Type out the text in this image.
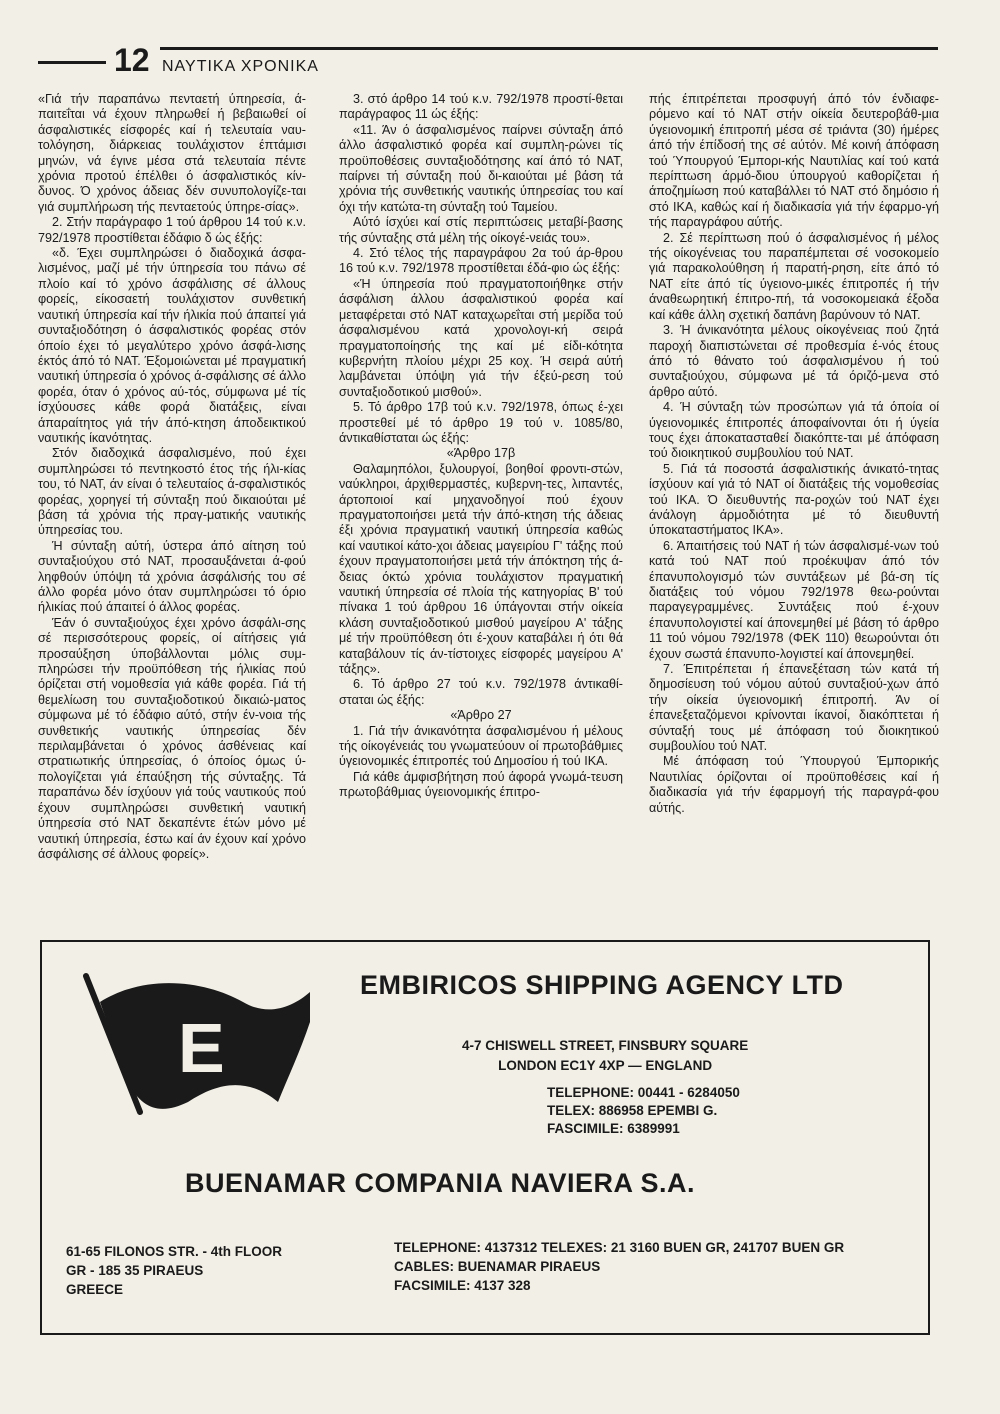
12 ΝΑΥΤΙΚΑ ΧΡΟΝΙΚΑ

«Γιά τήν παραπάνω πενταετή ύπηρεσία, ά-παιτεΐται νά έχουν πληρωθεί ή βεβαιωθεί οί άσφαλιστικές είσφορές καί ή τελευταία ναυ-τολόγηση, διάρκειας τουλάχιστον έπτάμισι μηνών, νά έγινε μέσα στά τελευταία πέντε χρόνια προτού έπέλθει ό άσφαλιστικός κίν-δυνος. Ό χρόνος άδειας δέν συνυπολογίζε-ται γιά συμπλήρωση τής πενταετούς ύπηρε-σίας».

2. Στήν παράγραφο 1 τού άρθρου 14 τού κ.ν. 792/1978 προστίθεται έδάφιο δ ώς έξής:

«δ. Έχει συμπληρώσει ό διαδοχικά άσφα-λισμένος, μαζί μέ τήν ύπηρεσία του πάνω σέ πλοίο καί τό χρόνο άσφάλισης σέ άλλους φορείς, είκοσαετή τουλάχιστον συνθετική ναυτική ύπηρεσία καί τήν ήλικία πού άπαιτεί γιά συνταξιοδότηση ό άσφαλιστικός φορέας στόν όποίο έχει τό μεγαλύτερο χρόνο άσφά-λισης έκτός άπό τό ΝΑΤ. Έξομοιώνεται μέ πραγματική ναυτική ύπηρεσία ό χρόνος ά-σφάλισης σέ άλλο φορέα, όταν ό χρόνος αύ-τός, σύμφωνα μέ τίς ίσχύουσες κάθε φορά διατάξεις, είναι άπαραίτητος γιά τήν άπό-κτηση άποδεικτικού ναυτικής ίκανότητας.

Στόν διαδοχικά άσφαλισμένο, πού έχει συμπληρώσει τό πεντηκοστό έτος τής ήλι-κίας του, τό ΝΑΤ, άν είναι ό τελευταίος ά-σφαλιστικός φορέας, χορηγεί τή σύνταξη πού δικαιούται μέ βάση τά χρόνια τής πραγ-ματικής ναυτικής ύπηρεσίας του.

Ή σύνταξη αύτή, ύστερα άπό αίτηση τού συνταξιούχου στό ΝΑΤ, προσαυξάνεται ά-φού ληφθούν ύπόψη τά χρόνια άσφάλισής του σέ άλλο φορέα μόνο όταν συμπληρώσει τό όριο ήλικίας πού άπαιτεί ό άλλος φορέας.

Έάν ό συνταξιούχος έχει χρόνο άσφάλι-σης σέ περισσότερους φορείς, οί αίτήσεις γιά προσαύξηση ύποβάλλονται μόλις συμ-πληρώσει τήν προϋπόθεση τής ήλικίας πού όρίζεται στή νομοθεσία γιά κάθε φορέα. Γιά τή θεμελίωση του συνταξιοδοτικού δικαιώ-ματος σύμφωνα μέ τό έδάφιο αύτό, στήν έν-νοια τής συνθετικής ναυτικής ύπηρεσίας δέν περιλαμβάνεται ό χρόνος άσθένειας καί στρατιωτικής ύπηρεσίας, ό όποίος όμως ύ-πολογίζεται γιά έπαύξηση τής σύνταξης. Τά παραπάνω δέν ίσχύουν γιά τούς ναυτικούς πού έχουν συμπληρώσει συνθετική ναυτική ύπηρεσία στό ΝΑΤ δεκαπέντε έτών μόνο μέ ναυτική ύπηρεσία, έστω καί άν έχουν καί χρόνο άσφάλισης σέ άλλους φορείς».

3. στό άρθρο 14 τού κ.ν. 792/1978 προστί-θεται παράγραφος 11 ώς έξής:

«11. Άν ό άσφαλισμένος παίρνει σύνταξη άπό άλλο άσφαλιστικό φορέα καί συμπλη-ρώνει τίς προϋποθέσεις συνταξιοδότησης καί άπό τό ΝΑΤ, παίρνει τή σύνταξη πού δι-καιούται μέ βάση τά χρόνια τής συνθετικής ναυτικής ύπηρεσίας του καί όχι τήν κατώτα-τη σύνταξη τού Ταμείου.

Αύτό ίσχύει καί στίς περιπτώσεις μεταβί-βασης τής σύνταξης στά μέλη τής οίκογέ-νειάς του».

4. Στό τέλος τής παραγράφου 2α τού άρ-θρου 16 τού κ.ν. 792/1978 προστίθεται έδά-φιο ώς έξής:

«Ή ύπηρεσία πού πραγματοποιήθηκε στήν άσφάλιση άλλου άσφαλιστικού φορέα καί μεταφέρεται στό ΝΑΤ καταχωρεΐται στή μερίδα τού άσφαλισμένου κατά χρονολογι-κή σειρά πραγματοποίησής της καί μέ είδι-κότητα κυβερνήτη πλοίου μέχρι 25 κοχ. Ή σειρά αύτή λαμβάνεται ύπόψη γιά τήν έξεύ-ρεση τού συνταξιοδοτικού μισθού».

5. Τό άρθρο 17β τού κ.ν. 792/1978, όπως έ-χει προστεθεί μέ τό άρθρο 19 τού ν. 1085/80, άντικαθίσταται ώς έξής:

«Άρθρο 17β

Θαλαμηπόλοι, ξυλουργοί, βοηθοί φροντι-στών, ναύκληροι, άρχιθερμαστές, κυβερνη-τες, λιπαντές, άρτοποιοί καί μηχανοδηγοί πού έχουν πραγματοποιήσει μετά τήν άπό-κτηση τής άδειας έξι χρόνια πραγματική ναυτική ύπηρεσία καθώς καί ναυτικοί κάτο-χοι άδειας μαγειρίου Γ' τάξης πού έχουν πραγματοποιήσει μετά τήν άπόκτηση τής ά-δειας όκτώ χρόνια τουλάχιστον πραγματική ναυτική ύπηρεσία σέ πλοία τής κατηγορίας Β' τού πίνακα 1 τού άρθρου 16 ύπάγονται στήν οίκεία κλάση συνταξιοδοτικού μισθού μαγείρου Α' τάξης μέ τήν προϋπόθεση ότι έ-χουν καταβάλει ή ότι θά καταβάλουν τίς άν-τίστοιχες είσφορές μαγείρου Α' τάξης».

6. Τό άρθρο 27 τού κ.ν. 792/1978 άντικαθί-σταται ώς έξής:

«Άρθρο 27

1. Γιά τήν άνικανότητα άσφαλισμένου ή μέλους τής οίκογένειάς του γνωματεύουν οί πρωτοβάθμιες ύγειονομικές έπιτροπές τού Δημοσίου ή τού ΙΚΑ.

Γιά κάθε άμφισβήτηση πού άφορά γνωμά-τευση πρωτοβάθμιας ύγειονομικής έπιτρο-

πής έπιτρέπεται προσφυγή άπό τόν ένδιαφε-ρόμενο καί τό ΝΑΤ στήν οίκεία δευτεροβάθ-μια ύγειονομική έπιτροπή μέσα σέ τριάντα (30) ήμέρες άπό τήν έπίδοσή της σέ αύτόν. Μέ κοινή άπόφαση τού Ύπουργού Έμπορι-κής Ναυτιλίας καί τού κατά περίπτωση άρμό-διου ύπουργού καθορίζεται ή άποζημίωση πού καταβάλλει τό ΝΑΤ στό δημόσιο ή στό ΙΚΑ, καθώς καί ή διαδικασία γιά τήν έφαρμο-γή τής παραγράφου αύτής.

2. Σέ περίπτωση πού ό άσφαλισμένος ή μέλος τής οίκογένειας του παραπέμπεται σέ νοσοκομείο γιά παρακολούθηση ή παρατή-ρηση, είτε άπό τό ΝΑΤ είτε άπό τίς ύγειονο-μικές έπιτροπές ή τήν άναθεωρητική έπιτρο-πή, τά νοσοκομειακά έξοδα καί κάθε άλλη σχετική δαπάνη βαρύνουν τό ΝΑΤ.

3. Ή άνικανότητα μέλους οίκογένειας πού ζητά παροχή διαπιστώνεται σέ προθεσμία έ-νός έτους άπό τό θάνατο τού άσφαλισμένου ή τού συνταξιούχου, σύμφωνα μέ τά όριζό-μενα στό άρθρο αύτό.

4. Ή σύνταξη τών προσώπων γιά τά όποία οί ύγειονομικές έπιτροπές άποφαίνονται ότι ή ύγεία τους έχει άποκατασταθεί διακόπτε-ται μέ άπόφαση τού διοικητικού συμβουλίου τού ΝΑΤ.

5. Γιά τά ποσοστά άσφαλιστικής άνικατό-τητας ίσχύουν καί γιά τό ΝΑΤ οί διατάξεις τής νομοθεσίας τού ΙΚΑ. Ό διευθυντής πα-ροχών τού ΝΑΤ έχει άνάλογη άρμοδιότητα μέ τό διευθυντή ύποκαταστήματος ΙΚΑ».

6. Άπαιτήσεις τού ΝΑΤ ή τών άσφαλισμέ-νων τού κατά τού ΝΑΤ πού προέκυψαν άπό τόν έπανυπολογισμό τών συντάξεων μέ βά-ση τίς διατάξεις τού νόμου 792/1978 θεω-ρούνται παραγεγραμμένες. Συντάξεις πού έ-χουν έπανυπολογιστεί καί άπονεμηθεί μέ βάση τό άρθρο 11 τού νόμου 792/1978 (ΦΕΚ 110) θεωρούνται ότι έχουν σωστά έπανυπο-λογιστεί καί άπονεμηθεί.

7. Έπιτρέπεται ή έπανεξέταση τών κατά τή δημοσίευση τού νόμου αύτού συνταξιού-χων άπό τήν οίκεία ύγειονομική έπιτροπή. Άν οί έπανεξεταζόμενοι κρίνονται ίκανοί, διακόπτεται ή σύνταξή τους μέ άπόφαση τού διοικητικού συμβουλίου τού ΝΑΤ.

Μέ άπόφαση τού Ύπουργού Έμπορικής Ναυτιλίας όρίζονται οί προϋποθέσεις καί ή διαδικασία γιά τήν έφαρμογή τής παραγρά-φου αύτής.

E
EMBIRICOS SHIPPING AGENCY LTD
4-7 CHISWELL STREET, FINSBURY SQUARE
LONDON EC1Y 4XP — ENGLAND
TELEPHONE: 00441 - 6284050
TELEX: 886958 EPEMBI G.
FASCIMILE: 6389991
BUENAMAR COMPANIA NAVIERA S.A.
61-65 FILONOS STR. - 4th FLOOR
GR - 185 35 PIRAEUS
GREECE
TELEPHONE: 4137312 TELEXES: 21 3160 BUEN GR, 241707 BUEN GR
CABLES: BUENAMAR PIRAEUS
FACSIMILE: 4137 328
